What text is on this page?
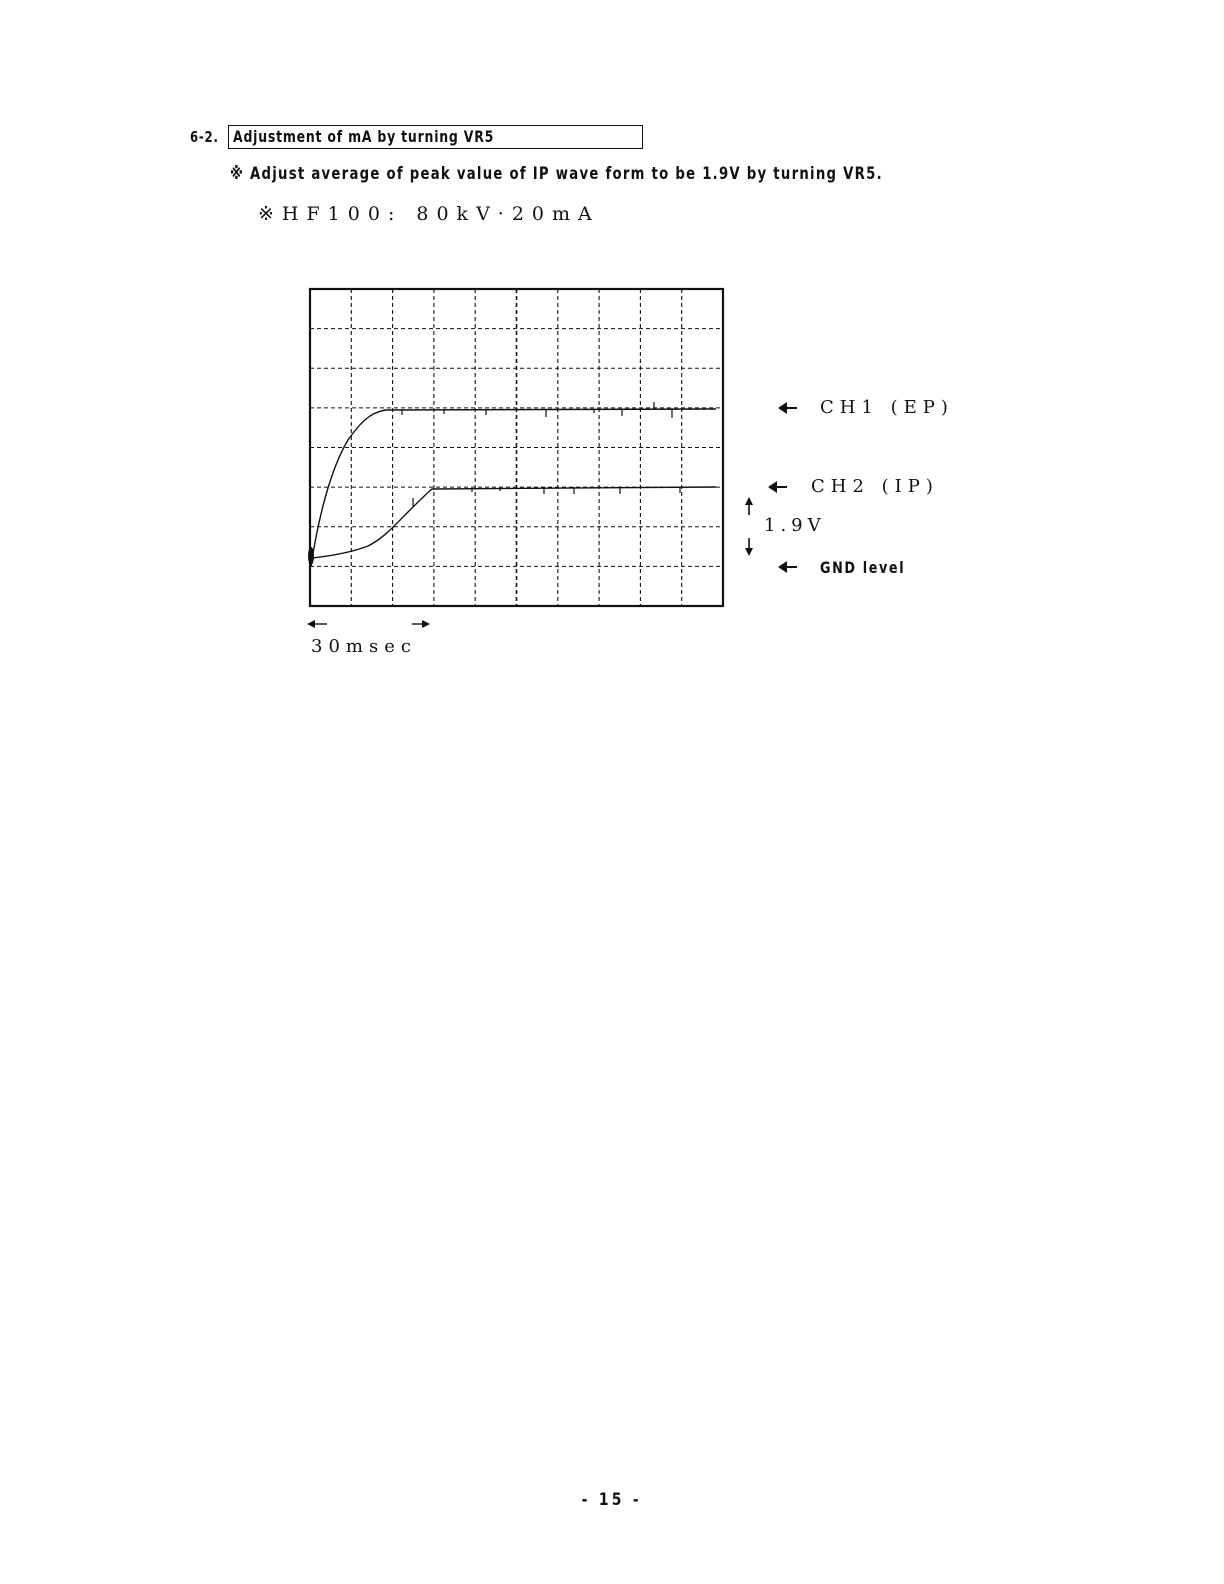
6-2. Adjustment of mA by turning VR5
※ Adjust average of peak value of IP wave form to be 1.9V by turning VR5.
※HF100: 80kV·20mA
CH1 (EP)
CH2 (IP)
1.9V
GND level
30msec
- 15 -
